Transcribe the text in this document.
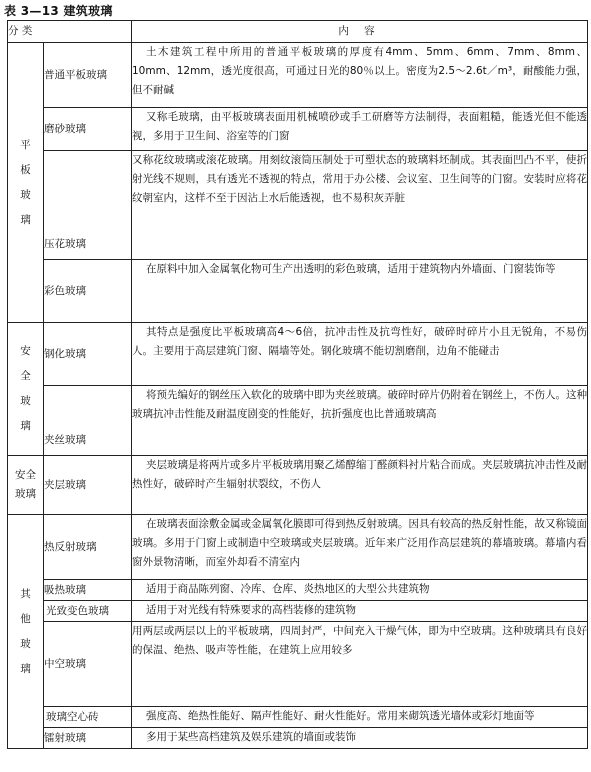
表 3—13 建筑玻璃
分 类		内 容

平
板
玻
璃	普通平板玻璃	土木建筑工程中所用的普通平板玻璃的厚度有4mm、5mm、6mm、7mm、8mm、10mm、12mm，透光度很高，可通过日光的80％以上。密度为2.5～2.6t／m³，耐酸能力强，但不耐碱

	磨砂玻璃	又称毛玻璃，由平板玻璃表面用机械喷砂或手工研磨等方法制得，表面粗糙，能透光但不能透视，多用于卫生间、浴室等的门窗

	压花玻璃	又称花纹玻璃或滚花玻璃。用刻纹滚筒压制处于可塑状态的玻璃料坯制成。其表面凹凸不平，使折射光线不规则，具有透光不透视的特点，常用于办公楼、会议室、卫生间等的门窗。安装时应将花纹朝室内，这样不至于因沾上水后能透视，也不易积灰弄脏

	彩色玻璃	在原料中加入金属氧化物可生产出透明的彩色玻璃，适用于建筑物内外墙面、门窗装饰等

安
全
玻
璃	钢化玻璃	其特点是强度比平板玻璃高4～6倍，抗冲击性及抗弯性好，破碎时碎片小且无锐角，不易伤人。主要用于高层建筑门窗、隔墙等处。钢化玻璃不能切割磨削，边角不能碰击

	夹丝玻璃	将预先编好的钢丝压入软化的玻璃中即为夹丝玻璃。破碎时碎片仍附着在钢丝上，不伤人。这种玻璃抗冲击性能及耐温度剧变的性能好，抗折强度也比普通玻璃高

安全
玻璃	夹层玻璃	夹层玻璃是将两片或多片平板玻璃用聚乙烯醇缩丁醛颜料衬片粘合而成。夹层玻璃抗冲击性及耐热性好，破碎时产生辐射状裂纹，不伤人

其
他
玻
璃	热反射玻璃	在玻璃表面涂敷金属或金属氧化膜即可得到热反射玻璃。因具有较高的热反射性能，故又称镜面玻璃。多用于门窗上或制造中空玻璃或夹层玻璃。近年来广泛用作高层建筑的幕墙玻璃。幕墙内看窗外景物清晰，而室外却看不清室内

	吸热玻璃	适用于商品陈列窗、冷库、仓库、炎热地区的大型公共建筑物

	光致变色玻璃	适用于对光线有特殊要求的高档装修的建筑物

	中空玻璃	用两层或两层以上的平板玻璃，四周封严，中间充入干燥气体，即为中空玻璃。这种玻璃具有良好的保温、绝热、吸声等性能，在建筑上应用较多

	玻璃空心砖	强度高、绝热性能好、隔声性能好、耐火性能好。常用来砌筑透光墙体或彩灯地面等

	镭射玻璃	多用于某些高档建筑及娱乐建筑的墙面或装饰
